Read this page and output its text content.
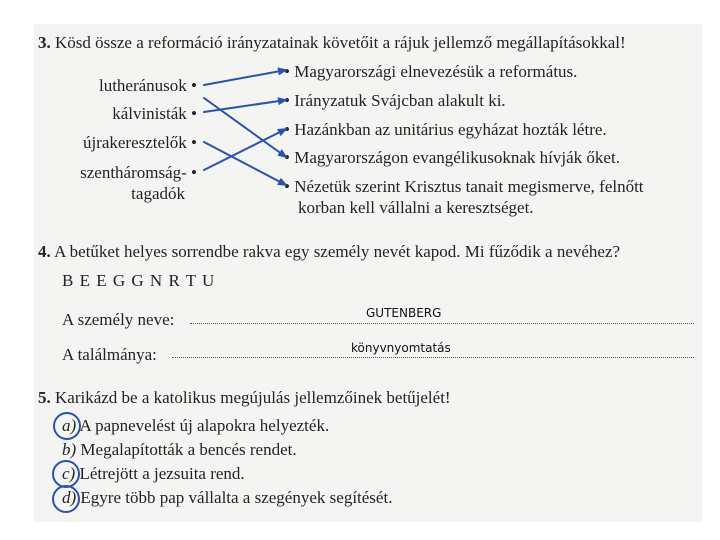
3. Kösd össze a reformáció irányzatainak követőit a rájuk jellemző megállapításokkal!
lutheránusok •
kálvinisták •
újrakeresztelők •
szentháromság- •
tagadók
• Magyarországi elnevezésük a református.
• Irányzatuk Svájcban alakult ki.
• Hazánkban az unitárius egyházat hozták létre.
• Magyarországon evangélikusoknak hívják őket.
• Nézetük szerint Krisztus tanait megismerve, felnőtt
korban kell vállalni a keresztséget.
4. A betűket helyes sorrendbe rakva egy személy nevét kapod. Mi fűződik a nevéhez?
B E E G G N R T U
A személy neve:	GUTENBERG
A találmánya:	könyvnyomtatás
5. Karikázd be a katolikus megújulás jellemzőinek betűjelét!
a) A papnevelést új alapokra helyezték.
b) Megalapították a bencés rendet.
c) Létrejött a jezsuita rend.
d) Egyre több pap vállalta a szegények segítését.
